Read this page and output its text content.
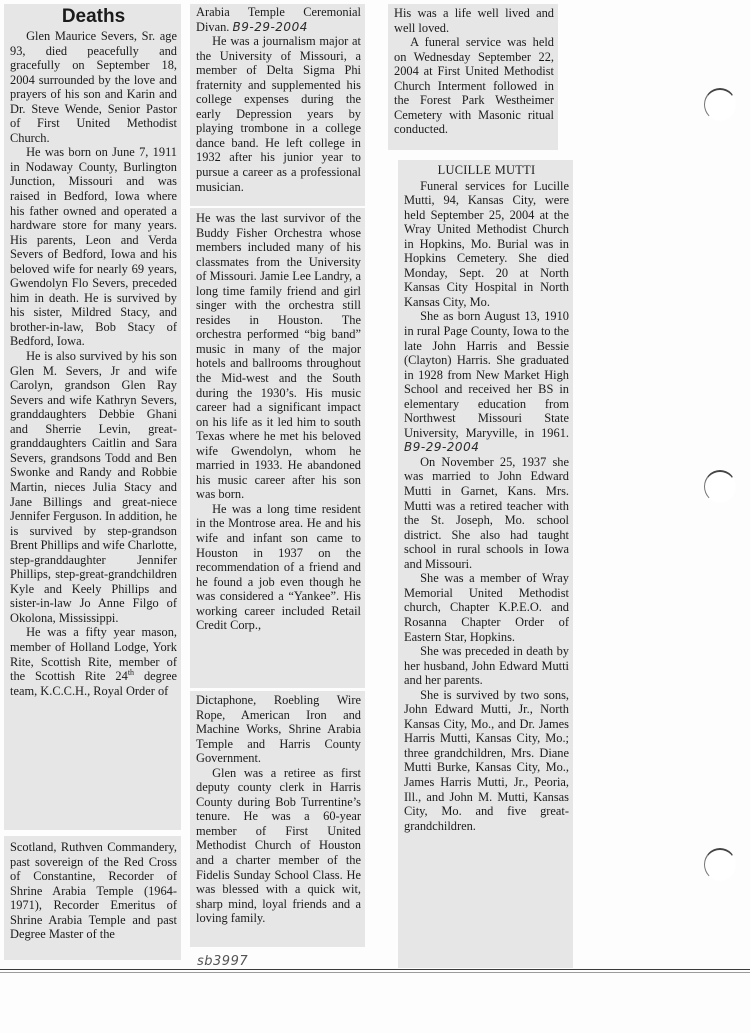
Deaths

Glen Maurice Severs, Sr. age 93, died peacefully and gracefully on September 18, 2004 surrounded by the love and prayers of his son and Karin and Dr. Steve Wende, Senior Pastor of First United Methodist Church.

He was born on June 7, 1911 in Nodaway County, Burlington Junction, Missouri and was raised in Bedford, Iowa where his father owned and operated a hardware store for many years. His parents, Leon and Verda Severs of Bedford, Iowa and his beloved wife for nearly 69 years, Gwendolyn Flo Severs, preceded him in death. He is survived by his sister, Mildred Stacy, and brother-in-law, Bob Stacy of Bedford, Iowa.

He is also survived by his son Glen M. Severs, Jr and wife Carolyn, grandson Glen Ray Severs and wife Kathryn Severs, granddaughters Debbie Ghani and Sherrie Levin, great-granddaughters Caitlin and Sara Severs, grandsons Todd and Ben Swonke and Randy and Robbie Martin, nieces Julia Stacy and Jane Billings and great-niece Jennifer Ferguson. In addition, he is survived by step-grandson Brent Phillips and wife Charlotte, step-granddaughter Jennifer Phillips, step-great-grandchildren Kyle and Keely Phillips and sister-in-law Jo Anne Filgo of Okolona, Mississippi.

He was a fifty year mason, member of Holland Lodge, York Rite, Scottish Rite, member of the Scottish Rite 24th degree team, K.C.C.H., Royal Order of

Scotland, Ruthven Commandery, past sovereign of the Red Cross of Constantine, Recorder of Shrine Arabia Temple (1964-1971), Recorder Emeritus of Shrine Arabia Temple and past Degree Master of the

Arabia Temple Ceremonial Divan. B9-29-2004

He was a journalism major at the University of Missouri, a member of Delta Sigma Phi fraternity and supplemented his college expenses during the early Depression years by playing trombone in a college dance band. He left college in 1932 after his junior year to pursue a career as a professional musician.

He was the last survivor of the Buddy Fisher Orchestra whose members included many of his classmates from the University of Missouri. Jamie Lee Landry, a long time family friend and girl singer with the orchestra still resides in Houston. The orchestra performed “big band” music in many of the major hotels and ballrooms throughout the Mid-west and the South during the 1930’s. His music career had a significant impact on his life as it led him to south Texas where he met his beloved wife Gwendolyn, whom he married in 1933. He abandoned his music career after his son was born.

He was a long time resident in the Montrose area. He and his wife and infant son came to Houston in 1937 on the recommendation of a friend and he found a job even though he was considered a “Yankee”. His working career included Retail Credit Corp.,

Dictaphone, Roebling Wire Rope, American Iron and Machine Works, Shrine Arabia Temple and Harris County Government.

Glen was a retiree as first deputy county clerk in Harris County during Bob Turrentine’s tenure. He was a 60-year member of First United Methodist Church of Houston and a charter member of the Fidelis Sunday School Class. He was blessed with a quick wit, sharp mind, loyal friends and a loving family.

His was a life well lived and well loved.

A funeral service was held on Wednesday September 22, 2004 at First United Methodist Church Interment followed in the Forest Park Westheimer Cemetery with Masonic ritual conducted.

LUCILLE MUTTI

Funeral services for Lucille Mutti, 94, Kansas City, were held September 25, 2004 at the Wray United Methodist Church in Hopkins, Mo. Burial was in Hopkins Cemetery. She died Monday, Sept. 20 at North Kansas City Hospital in North Kansas City, Mo.

She as born August 13, 1910 in rural Page County, Iowa to the late John Harris and Bessie (Clayton) Harris. She graduated in 1928 from New Market High School and received her BS in elementary education from Northwest Missouri State University, Maryville, in 1961. B9-29-2004

On November 25, 1937 she was married to John Edward Mutti in Garnet, Kans. Mrs. Mutti was a retired teacher with the St. Joseph, Mo. school district. She also had taught school in rural schools in Iowa and Missouri.

She was a member of Wray Memorial United Methodist church, Chapter K.P.E.O. and Rosanna Chapter Order of Eastern Star, Hopkins.

She was preceded in death by her husband, John Edward Mutti and her parents.

She is survived by two sons, John Edward Mutti, Jr., North Kansas City, Mo., and Dr. James Harris Mutti, Kansas City, Mo.; three grandchildren, Mrs. Diane Mutti Burke, Kansas City, Mo., James Harris Mutti, Jr., Peoria, Ill., and John M. Mutti, Kansas City, Mo. and five great-grandchildren.

sb3997
